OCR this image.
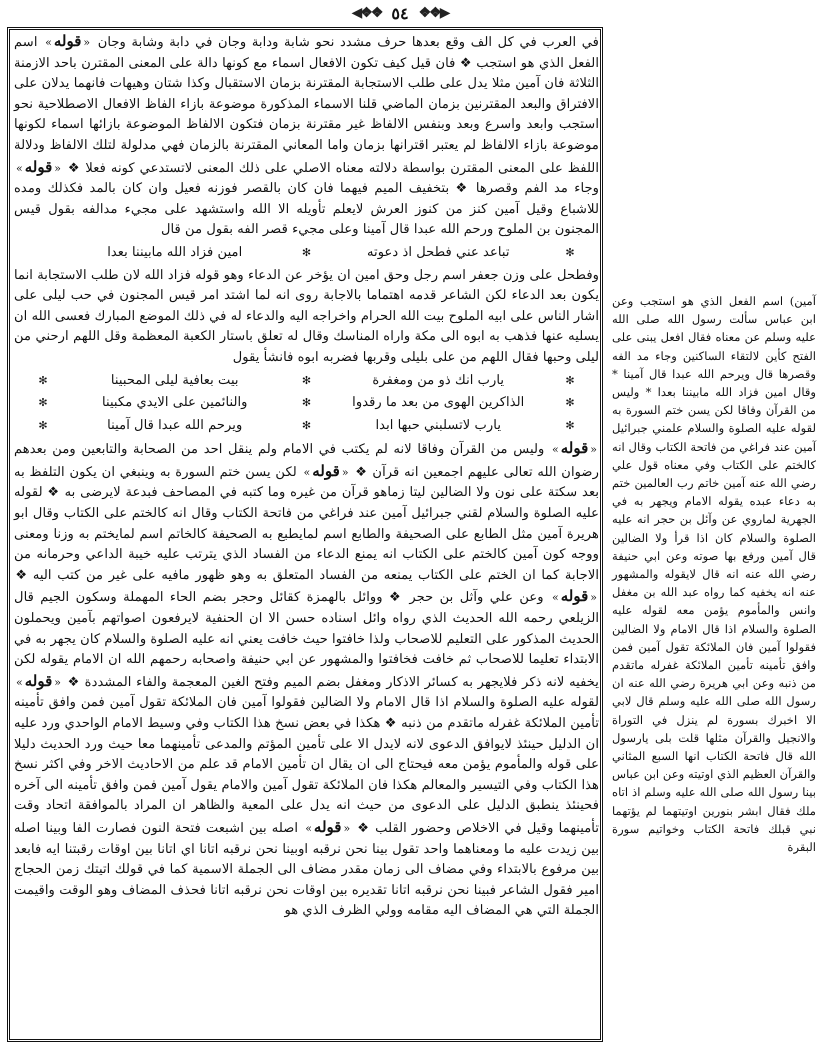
◀❖❖ ٥٤ ❖❖▶

في العرب في كل الف وقع بعدها حرف مشدد نحو شابة ودابة وجان في دابة وشابة وجان « قوله » اسم الفعل الذي هو استجب ❖ فان قيل كيف تكون الافعال اسماء مع كونها دالة على المعنى المقترن باحد الازمنة الثلاثة فان آمين مثلا يدل على طلب الاستجابة المقترنة بزمان الاستقبال وكذا شتان وهيهات فانهما يدلان على الافتراق والبعد المقترنين بزمان الماضي قلنا الاسماء المذكورة موضوعة بازاء الفاظ الافعال الاصطلاحية نحو استجب وابعد واسرع وبعد وبنفس الالفاظ غير مقترنة بزمان فتكون الالفاظ الموضوعة بازائها اسماء لكونها موضوعة بازاء الالفاظ لم يعتبر اقترانها بزمان واما المعاني المقترنة بالزمان فهي مدلولة لتلك الالفاظ ودلالة اللفظ على المعنى المقترن بواسطة دلالته معناه الاصلي على ذلك المعنى لاتستدعي كونه فعلا ❖ « قوله » وجاء مد الفم وقصرها ❖ بتخفيف الميم فيهما فان كان بالقصر فوزنه فعيل وان كان بالمد فكذلك ومده للاشباع وقيل آمين كنز من كنوز العرش لايعلم تأويله الا الله واستشهد على مجيء مدالفه بقول قيس المجنون بن الملوح ورحم الله عبدا قال آمينا وعلى مجيء قصر الفه بقول من قال

✻
تباعد عني فطحل اذ دعوته
✻
امين فزاد الله مابيننا بعدا

وفطحل على وزن جعفر اسم رجل وحق امين ان يؤخر عن الدعاء وهو قوله فزاد الله لان طلب الاستجابة انما يكون بعد الدعاء لكن الشاعر قدمه اهتماما بالاجابة روى انه لما اشتد امر قيس المجنون في حب ليلى على اشار الناس على ابيه الملوح بيت الله الحرام واخراجه اليه والدعاء له في ذلك الموضع المبارك فعسى الله ان يسليه عنها فذهب به ابوه الى مكة واراه المناسك وقال له تعلق باستار الكعبة المعظمة وقل اللهم ارحني من ليلى وحبها فقال اللهم من على بليلى وقربها فضربه ابوه فانشأ يقول

✻
يارب انك ذو من ومغفرة
✻
بيت بعافية ليلى المحبينا
✻
✻
الذاكرين الهوى من بعد ما رقدوا
✻
والنائمين على الايدي مكبينا
✻
✻
يارب لاتسلبني حبها ابدا
✻
ويرحم الله عبدا قال آمينا
✻

« قوله » وليس من القرآن وفاقا لانه لم يكتب في الامام ولم ينقل احد من الصحابة والتابعين ومن بعدهم رضوان الله تعالى عليهم اجمعين انه قرآن ❖ « قوله » لكن يسن ختم السورة به وينبغي ان يكون التلفظ به بعد سكتة على نون ولا الضالين ليتا زماهو قرآن من غيره وما كتبه في المصاحف فبدعة لايرضى به ❖ لقوله عليه الصلوة والسلام لقني جبرائيل آمين عند فراغي من فاتحة الكتاب وقال انه كالختم على الكتاب وقال ابو هريرة آمين مثل الطابع على الصحيفة والطابع اسم لمايطبع به الصحيفة كالخاتم اسم لمايختم به وزنا ومعنى ووجه كون آمين كالختم على الكتاب انه يمنع الدعاء من الفساد الذي يترتب عليه خيبة الداعي وحرمانه من الاجابة كما ان الختم على الكتاب يمنعه من الفساد المتعلق به وهو ظهور مافيه على غير من كتب اليه ❖ « قوله » وعن علي وآثل بن حجر ❖ ووائل بالهمزة كقائل وحجر بضم الحاء المهملة وسكون الجيم قال الزيلعي رحمه الله الحديث الذي رواه وائل اسناده حسن الا ان الحنفية لايرفعون اصواتهم بآمين ويحملون الحديث المذكور على التعليم للاصحاب ولذا خافتوا حيث خافت يعني انه عليه الصلوة والسلام كان يجهر به في الابتداء تعليما للاصحاب ثم خافت فخافتوا والمشهور عن ابي حنيفة واصحابه رحمهم الله ان الامام يقوله لكن يخفيه لانه ذكر فلايجهر به كسائر الاذكار ومغفل بضم الميم وفتح الغين المعجمة والفاء المشددة ❖ « قوله » لقوله عليه الصلوة والسلام اذا قال الامام ولا الضالين فقولوا آمين فان الملائكة تقول آمين فمن وافق تأمينه تأمين الملائكة غفرله ماتقدم من ذنبه ❖ هكذا في بعض نسخ هذا الكتاب وفي وسيط الامام الواحدي ورد عليه ان الدليل حينئذ لايوافق الدعوى لانه لايدل الا على تأمين المؤتم والمدعى تأمينهما معا حيث ورد الحديث دليلا على قوله والمأموم يؤمن معه فيحتاج الى ان يقال ان تأمين الامام قد علم من الاحاديث الاخر وفي اكثر نسخ هذا الكتاب وفي التيسير والمعالم هكذا فان الملائكة تقول آمين والامام يقول آمين فمن وافق تأمينه الى آخره فحينئذ ينطبق الدليل على الدعوى من حيث انه يدل على المعية والظاهر ان المراد بالموافقة اتحاد وقت تأمينهما وقيل في الاخلاص وحضور القلب ❖ « قوله » اصله بين اشبعت فتحة النون فصارت الفا وبينا اصله بين زيدت عليه ما ومعناهما واحد تقول بينا نحن نرقبه اوبينا نحن نرقبه اتانا اي اتانا بين اوقات رقبتنا ايه فابعد بين مرفوع بالابتداء وفي مضاف الى زمان مقدر مضاف الى الجملة الاسمية كما في قولك اتيتك زمن الحجاج امير فقول الشاعر فبينا نحن نرقبه اتانا تقديره بين اوقات نحن نرقبه اتانا فحذف المضاف وهو الوقت واقيمت الجملة التي هي المضاف اليه مقامه وولي الظرف الذي هو

آمين) اسم الفعل الذي هو استجب وعن ابن عباس سألت رسول الله صلى الله عليه وسلم عن معناه فقال افعل يبنى على الفتح كأين لالتقاء الساكنين وجاء مد الفه وقصرها قال ويرحم الله عبدا قال آمينا * وقال امين فزاد الله مابيننا بعدا * وليس من القرآن وفاقا لكن يسن ختم السورة به لقوله عليه الصلوة والسلام علمني جبرائيل آمين عند فراغي من فاتحة الكتاب وقال انه كالختم على الكتاب وفي معناه قول علي رضي الله عنه آمين خاتم رب العالمين ختم به دعاء عبده يقوله الامام ويجهر به في الجهرية لماروي عن وآئل بن حجر انه عليه الصلوة والسلام كان اذا قرأ ولا الضالين قال آمين ورفع بها صوته وعن ابي حنيفة رضي الله عنه انه قال لايقوله والمشهور عنه انه يخفيه كما رواه عبد الله بن مغفل وانس والمأموم يؤمن معه لقوله عليه الصلوة والسلام اذا قال الامام ولا الضالين فقولوا آمين فان الملائكة تقول آمين فمن وافق تأمينه تأمين الملائكة غفرله ماتقدم من ذنبه وعن ابي هريرة رضي الله عنه ان رسول الله صلى الله عليه وسلم قال لابي الا اخبرك بسورة لم ينزل في التوراة والانجيل والقرآن مثلها قلت بلى يارسول الله قال فاتحة الكتاب انها السبع المثاني والقرآن العظيم الذي اوتيته وعن ابن عباس بينا رسول الله صلى الله عليه وسلم اذ اتاه ملك فقال ابشر بنورين اوتيتهما لم يؤتهما نبي قبلك فاتحة الكتاب وخواتيم سورة البقرة
